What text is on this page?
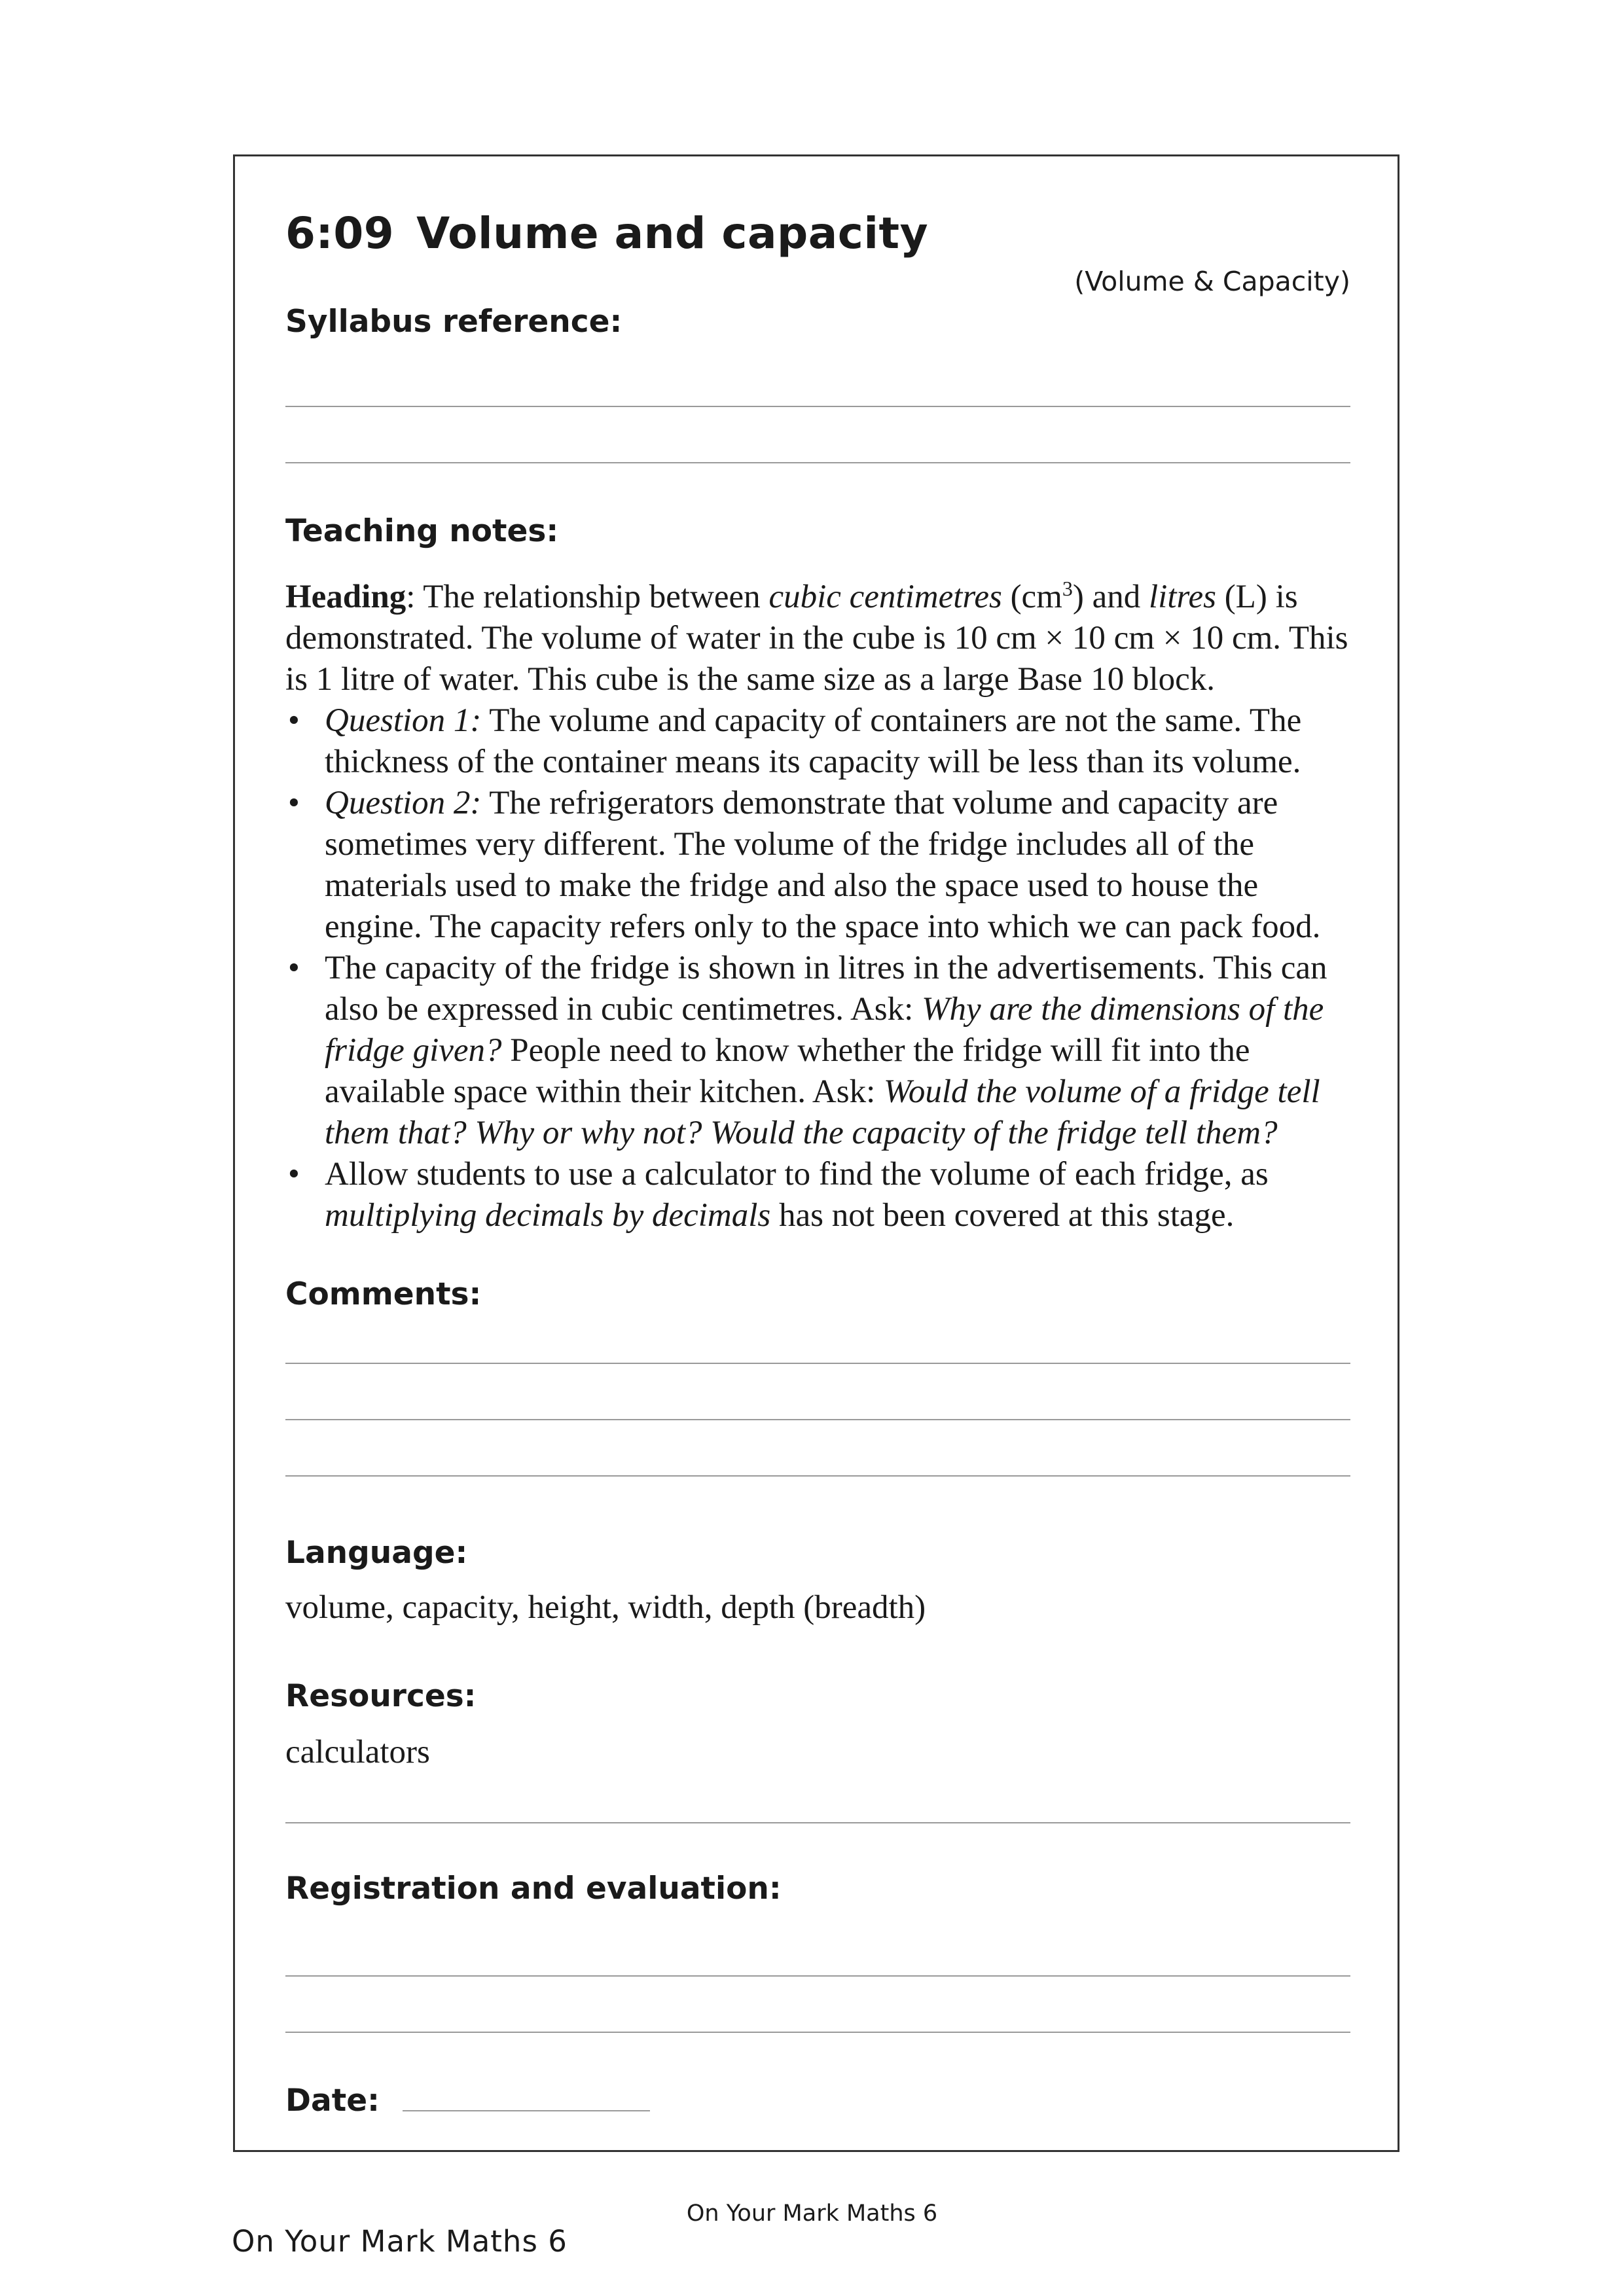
6:09 Volume and capacity
(Volume & Capacity)
Syllabus reference:
Teaching notes:

Heading: The relationship between cubic centimetres $(cm^3)$ and litres (L) is demonstrated. The volume of water in the cube is 10 cm × 10 cm × 10 cm. This is 1 litre of water. This cube is the same size as a large Base 10 block.

• Question 1: The volume and capacity of containers are not the same. The thickness of the container means its capacity will be less than its volume.
• Question 2: The refrigerators demonstrate that volume and capacity are sometimes very different. The volume of the fridge includes all of the materials used to make the fridge and also the space used to house the engine. The capacity refers only to the space into which we can pack food.
• The capacity of the fridge is shown in litres in the advertisements. This can also be expressed in cubic centimetres. Ask: Why are the dimensions of the fridge given? People need to know whether the fridge will fit into the available space within their kitchen. Ask: Would the volume of a fridge tell them that? Why or why not? Would the capacity of the fridge tell them?
• Allow students to use a calculator to find the volume of each fridge, as multiplying decimals by decimals has not been covered at this stage.
Comments:
Language:
volume, capacity, height, width, depth (breadth)
Resources:
calculators
Registration and evaluation:
Date:
On Your Mark Maths 6
On Your Mark Maths 6
